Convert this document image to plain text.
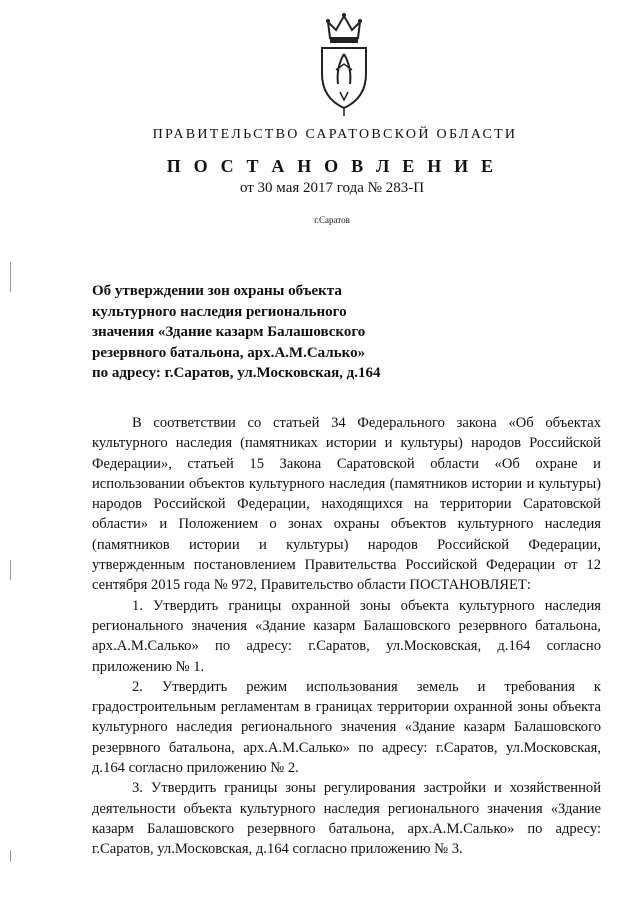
ПРАВИТЕЛЬСТВО САРАТОВСКОЙ ОБЛАСТИ
П О С Т А Н О В Л Е Н И Е
от 30 мая 2017 года № 283-П
г.Саратов
Об утверждении зон охраны объекта
культурного наследия регионального
значения «Здание казарм Балашовского
резервного батальона, арх.А.М.Салько»
по адресу: г.Саратов, ул.Московская, д.164

В соответствии со статьей 34 Федерального закона «Об объектах культурного наследия (памятниках истории и культуры) народов Российской Федерации», статьей 15 Закона Саратовской области «Об охране и использовании объектов культурного наследия (памятников истории и культуры) народов Российской Федерации, находящихся на территории Саратовской области» и Положением о зонах охраны объектов культурного наследия (памятников истории и культуры) народов Российской Федерации, утвержденным постановлением Правительства Российской Федерации от 12 сентября 2015 года № 972, Правительство области ПОСТАНОВЛЯЕТ:

1. Утвердить границы охранной зоны объекта культурного наследия регионального значения «Здание казарм Балашовского резервного батальона, арх.А.М.Салько» по адресу: г.Саратов, ул.Московская, д.164 согласно приложению № 1.

2. Утвердить режим использования земель и требования к градостроительным регламентам в границах территории охранной зоны объекта культурного наследия регионального значения «Здание казарм Балашовского резервного батальона, арх.А.М.Салько» по адресу: г.Саратов, ул.Московская, д.164 согласно приложению № 2.

3. Утвердить границы зоны регулирования застройки и хозяйственной деятельности объекта культурного наследия регионального значения «Здание казарм Балашовского резервного батальона, арх.А.М.Салько» по адресу: г.Саратов, ул.Московская, д.164 согласно приложению № 3.
